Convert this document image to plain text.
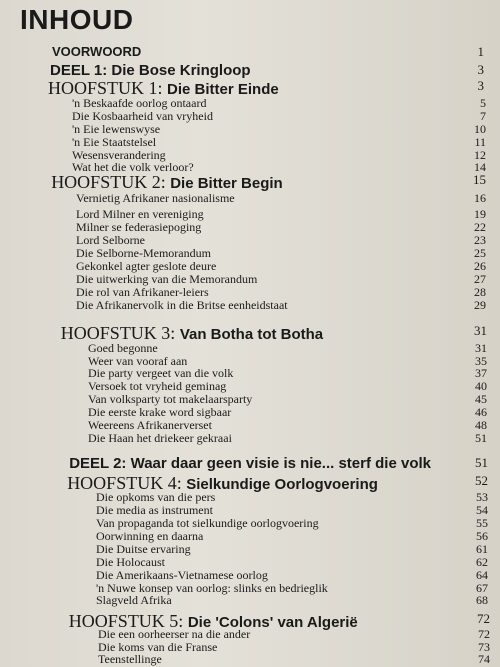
INHOUD
VOORWOORD	1
DEEL 1: Die Bose Kringloop	3
HOOFSTUK 1: Die Bitter Einde	3
'n Beskaafde oorlog ontaard	5
Die Kosbaarheid van vryheid	7
'n Eie lewenswyse	10
'n Eie Staatstelsel	11
Wesensverandering	12
Wat het die volk verloor?	14
HOOFSTUK 2: Die Bitter Begin	15
Vernietig Afrikaner nasionalisme	16
Lord Milner en vereniging	19
Milner se federasiepoging	22
Lord Selborne	23
Die Selborne-Memorandum	25
Gekonkel agter geslote deure	26
Die uitwerking van die Memorandum	27
Die rol van Afrikaner-leiers	28
Die Afrikanervolk in die Britse eenheidstaat	29
HOOFSTUK 3: Van Botha tot Botha	31
Goed begonne	31
Weer van vooraf aan	35
Die party vergeet van die volk	37
Versoek tot vryheid geminag	40
Van volksparty tot makelaarsparty	45
Die eerste krake word sigbaar	46
Weereens Afrikanerverset	48
Die Haan het driekeer gekraai	51
DEEL 2: Waar daar geen visie is nie... sterf die volk	51
HOOFSTUK 4: Sielkundige Oorlogvoering	52
Die opkoms van die pers	53
Die media as instrument	54
Van propaganda tot sielkundige oorlogvoering	55
Oorwinning en daarna	56
Die Duitse ervaring	61
Die Holocaust	62
Die Amerikaans-Vietnamese oorlog	64
'n Nuwe konsep van oorlog: slinks en bedrieglik	67
Slagveld Afrika	68
HOOFSTUK 5: Die 'Colons' van Algerië	72
Die een oorheerser na die ander	72
Die koms van die Franse	73
Teenstellinge	74
